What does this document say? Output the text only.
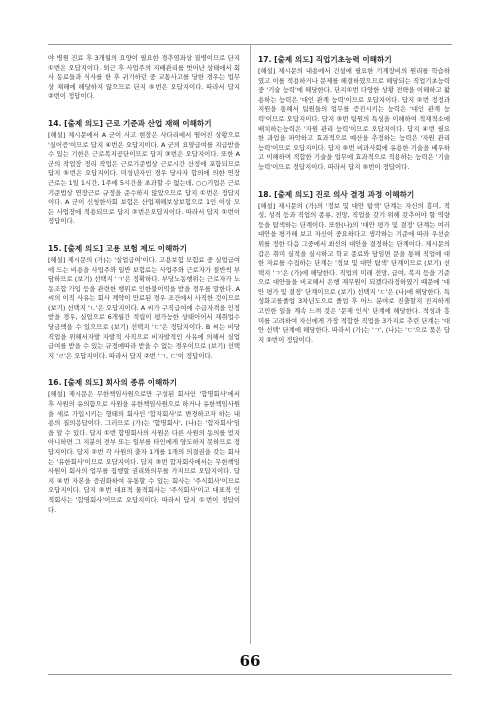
야 병원 진료 후 3개월의 요양이 필요한 경추염좌상 질병이므로 단지 ①번은 오답지이다. 퇴근 후 사업주의 지배관리를 벗어난 상태에서 회사 동료들과 식사를 한 후 귀가하던 중 교통사고를 당한 경우는 업무상 재해에 해당하지 않으므로 단지 ⑤번은 오답지이다. 따라서 답지 ②번이 정답이다.

14. [출제 의도] 근로 기준과 산업 재해 이해하기

[해설] 제시문에서 A 군이 사고 현장은 사다리에서 떨어진 상황으로 '실어증'이므로 답지 ④번은 오답지이다. A 군의 요양급여를 지급받을 수 있는 기한은 근로복지공단이므로 답지 ③번은 오답지이다. 또한 A 군의 작업장 정리 작업은 근로기준법상 근로시간 산정에 포함되므로 답지 ⑤번은 오답지이다. 미성년자인 경우 당사자 합의에 의한 연장 근로는 1일 1시간, 1주에 5시간을 초과할 수 없는데, ○○기업은 근로기준법상 연장근로 규정을 준수하지 않았으므로 답지 ①번은 정답지이다. A 군이 신청한사회 보험은 산업재해보상보험으로 1인 이상 모든 사업장에 적용되므로 답지 ②번은오답지이다. 따라서 답지 ①번이 정답이다.

15. [출제 의도] 고용 보험 제도 이해하기

[해설] 제시문의 (가)는 '실업급여'이다. 고용보험 모험료 중 실업급여에 드는 비용을 사업주와 일반 보험료는 사업주와 근로자가 절반씩 부담하므로 (보기) 선택지 'ㄱ'은 정확하다. 부당노동행위는 근로자가 노동조합 가입 등을 관련한 행위로 인한불이익을 받을 경우를 말한다. A 씨의 이직 사유는 회사 계약이 만료된 경우 조건에서 사직한 것이므로 (보기) 선택지 'ㄴ'은 오답지이다. A 씨가 구직급여에 수급자격을 인정받을 경우, 실업으로 6개월간 적립이 평가능한 상태이어서 재취업수당금액을 수 있으므로 (보기) 선택지 'ㄷ'은 정답지이다. B 씨는 비당 직업을 위해서자발 자발적 사직으로 비자발적인 사유에 의해서 실업급여를 받을 수 있는 규정에따라 받을 수 없는 경우이므로 (보기) 선택지 'ㄹ'은 오답지이다. 따라서 답지 ②번 'ㄱ, ㄷ'이 정답이다.

16. [출제 의도] 회사의 종류 이해하기

[해설] 제시문은 무한책임사원으로만 구성된 회사인 '합명회사'에서 후 사원의 유의함으로 사원을 유한책임사원으로 하거나 유한책임사원을 새로 가입시키는 형태의 회사인 '합자회사'로 변경하고자 하는 내용의 질의응답이다. 그러므로 (가)는 '합명회사', (나)는 '합자회사'임을 알 수 있다. 답지 ①번 합명회사의 사원은 다른 사원의 동의를 얻지 아니하면 그 지분의 전부 또는 일부를 타인에게 양도하지 못하므로 정답지이다. 답지 ②번 각 사원의 출자 1개를 1개의 의결권을 갖는 회사는 '유한회사'이므로 오답지이다. 답지 ③번 합자회사에서는 무한책임사원이 회사의 업무를 집행할 권리와의무를 가지므로 오답지이다. 답지 ④번 자본을 증권화하여 유통할 수 있는 회사는 '주식회사'이므로 오답지이다. 답지 ⑤번 대표적 물적회사는 '주식회사'이고 대표적 인적회사는 '합명회사'이므로 오답지이다. 따라서 답지 ①번이 정답이다.

17. [출제 의도] 직업기초능력 이해하기

[해설] 제시문의 내용에서 건설에 필요한 기계장비의 원리를 학습하였고 이를 적용하거나 문제를 해결하였으므로 해당되는 직업기초능력 중 '기술 능력'에 해당한다. 단지①번 다양한 상황 전략을 이해하고 활용하는 능력은 '대인 관계 능력'이므로 오답지이다. 답지 ②번 정정과 지원을 통해서 팀원들의 업무를 증진시키는 능력은 '대인 관계 능력'이므로 오답지이다. 답지 ③번 팀원의 특성을 이해하여 적재적소에 배치하는능력은 '자원 관리 능력'이므로 오답지이다. 답지 ④번 필요한 과업을 파악하고 효과적으로 예산을 추정하는 능력은 '자원 관리 능력'이므로 오답지이다. 답지 ⑤번 비과사회에 유용한 기술을 배우하고 이해하며 적합한 기술을 업무에 효과적으로 적용하는 능력은 '기술 능력'이므로 정답지이다. 따라서 답지 ⑤번이 정답이다.

18. [출제 의도] 진로 의사 결정 과정 이해하기

[해설] 제시문의 (가)의 '정보 및 대안 탐색' 단계는 자신의 흥미, 적성, 성격 등과 직업의 종류, 전망, 직업을 갖기 위해 갖추어야 할 역량 등을 탐색하는 단계이다. 또한(나)의 '대안 평가 및 결정' 단계는 여러 대안을 평가해 보고 자신이 중요하다고 생각하는 기준에 따라 우선순위를 정한 다음 그중에서 최선의 대안을 결정하는 단계이다. 제시문의 갑은 취미 실적을 실시하고 학교 종료와 담임면 문을 통해 직업에 대한 자료를 수집하는 단계는 '정보 및 대안 탐색' 단계이므로 (보기) 선택지 'ㄱ'은 (가)에 해당한다. 직업의 미래 전망, 급여, 복지 등을 기준으로 대안들을 비교해서 은행 재무원이 되겠다라정하였기 때문에 '대안 평가 및 결정' 단계이므로 (보기) 선택지 'ㄷ'은 (나)에 해당한다. 특성화고를졸업 3차년도으로 졸업 후 어느 분야로 진출할지 진지하게 고민한 일을 계속 느껴 것은 '문제 인식' 단계에 해당한다. 적성과 흥미를 고려하여 자신에게 가장 적합한 직업을 3가지로 추린 단계는 '대안 선택' 단계에 해당한다. 따라서 (가)는 'ㄱ', (나)는 'ㄷ'으로 묶은 답지 ②번이 정답이다.

66
